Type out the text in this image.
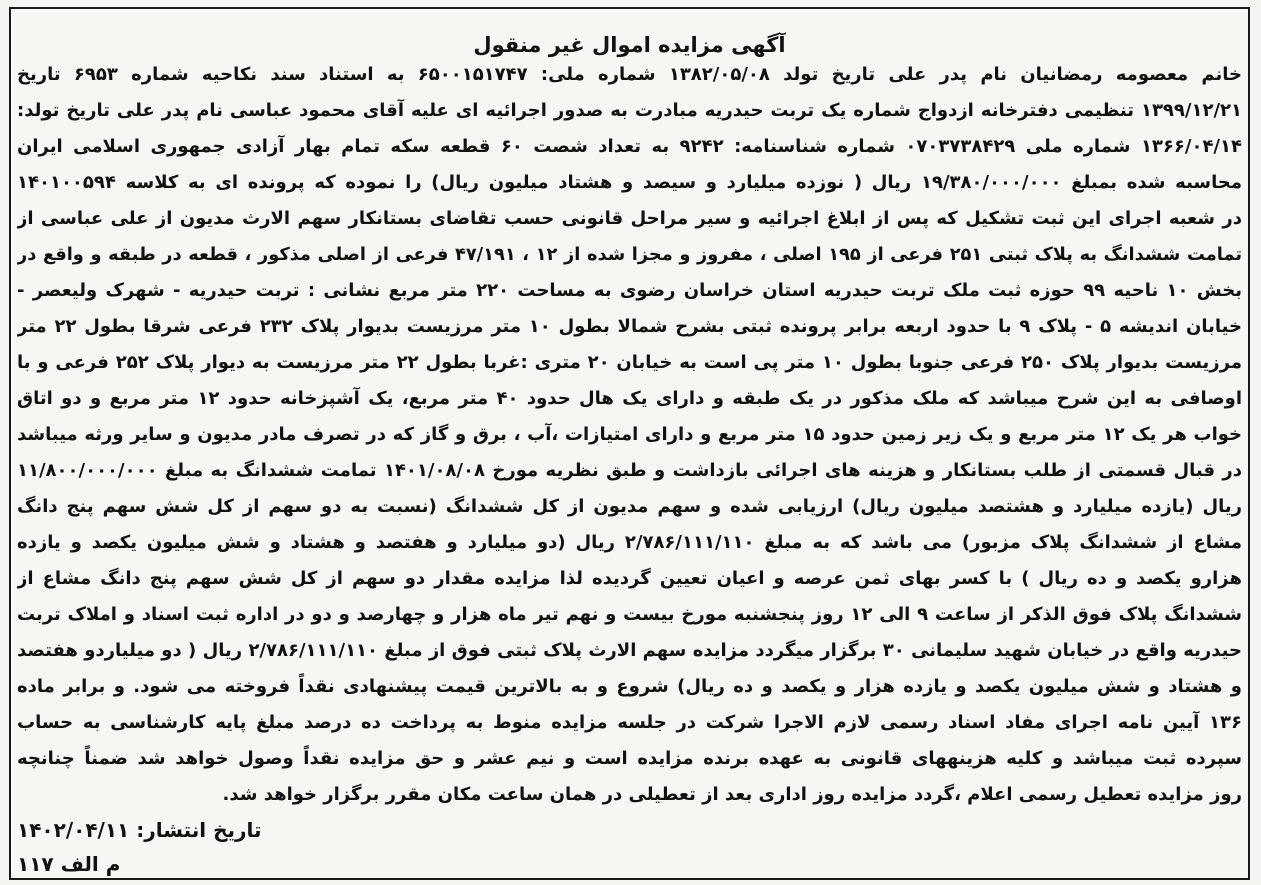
آگهی مزایده اموال غیر منقول
خانم معصومه رمضانیان نام پدر علی تاریخ تولد ۱۳۸۲/۰۵/۰۸ شماره ملی: ۶۵۰۰۱۵۱۷۴۷ به استناد سند نکاحیه شماره ۶۹۵۳ تاریخ
۱۳۹۹/۱۲/۲۱ تنظیمی دفترخانه ازدواج شماره یک تربت حیدریه مبادرت به صدور اجرائیه ای علیه آقای محمود عباسی نام پدر علی تاریخ تولد:
۱۳۶۶/۰۴/۱۴ شماره ملی ۰۷۰۳۷۳۸۴۲۹ شماره شناسنامه: ۹۲۴۲ به تعداد شصت ۶۰ قطعه سکه تمام بهار آزادی جمهوری اسلامی ایران
محاسبه شده بمبلغ ۱۹/۳۸۰/۰۰۰/۰۰۰ ریال ( نوزده میلیارد و سیصد و هشتاد میلیون ریال) را نموده که پرونده ای به کلاسه ۱۴۰۱۰۰۵۹۴
در شعبه اجرای این ثبت تشکیل که پس از ابلاغ اجرائیه و سیر مراحل قانونی حسب تقاضای بستانکار سهم الارث مدیون از علی عباسی از
تمامت ششدانگ به پلاک ثبتی ۲۵۱ فرعی از ۱۹۵ اصلی ، مفروز و مجزا شده از ۱۲ ، ۴۷/۱۹۱ فرعی از اصلی مذکور ، قطعه در طبقه و واقع در
بخش ۱۰ ناحیه ۹۹ حوزه ثبت ملک تربت حیدریه استان خراسان رضوی به مساحت ۲۲۰ متر مربع نشانی : تربت حیدریه - شهرک ولیعصر -
خیابان اندیشه ۵ - پلاک ۹ با حدود اربعه برابر پرونده ثبتی بشرح شمالا بطول ۱۰ متر مرزیست بدیوار پلاک ۲۳۲ فرعی شرقا بطول ۲۲ متر
مرزیست بدیوار پلاک ۲۵۰ فرعی جنوبا بطول ۱۰ متر پی است به خیابان ۲۰ متری :غربا بطول ۲۲ متر مرزیست به دیوار پلاک ۲۵۲ فرعی و با
اوصافی به این شرح میباشد که ملک مذکور در یک طبقه و دارای یک هال حدود ۴۰ متر مربع، یک آشپزخانه حدود ۱۲ متر مربع و دو اتاق
خواب هر یک ۱۲ متر مربع و یک زیر زمین حدود ۱۵ متر مربع و دارای امتیازات ،آب ، برق و گاز که در تصرف مادر مدیون و سایر ورثه میباشد
در قبال قسمتی از طلب بستانکار و هزینه های اجرائی بازداشت و طبق نظریه مورخ ۱۴۰۱/۰۸/۰۸ تمامت ششدانگ به مبلغ ۱۱/۸۰۰/۰۰۰/۰۰۰
ریال (یازده میلیارد و هشتصد میلیون ریال) ارزیابی شده و سهم مدیون از کل ششدانگ (نسبت به دو سهم از کل شش سهم پنج دانگ
مشاع از ششدانگ پلاک مزبور) می باشد که به مبلغ ۲/۷۸۶/۱۱۱/۱۱۰ ریال (دو میلیارد و هفتصد و هشتاد و شش میلیون یکصد و یازده
هزارو یکصد و ده ریال ) با کسر بهای ثمن عرصه و اعیان تعیین گردیده لذا مزایده مقدار دو سهم از کل شش سهم پنج دانگ مشاع از
ششدانگ پلاک فوق الذکر از ساعت ۹ الی ۱۲ روز پنجشنبه مورخ بیست و نهم تیر ماه هزار و چهارصد و دو در اداره ثبت اسناد و املاک تربت
حیدریه واقع در خیابان شهید سلیمانی ۳۰ برگزار میگردد مزایده سهم الارث پلاک ثبتی فوق از مبلغ ۲/۷۸۶/۱۱۱/۱۱۰ ریال ( دو میلیاردو هفتصد
و هشتاد و شش میلیون یکصد و یازده هزار و یکصد و ده ریال) شروع و به بالاترین قیمت پیشنهادی نقداً فروخته می شود. و برابر ماده
۱۳۶ آیین نامه اجرای مفاد اسناد رسمی لازم الاجرا شرکت در جلسه مزایده منوط به پرداخت ده درصد مبلغ پایه کارشناسی به حساب
سپرده ثبت میباشد و کلیه هزینههای قانونی به عهده برنده مزایده است و نیم عشر و حق مزایده نقداً وصول خواهد شد ضمناً چنانچه
روز مزایده تعطیل رسمی اعلام ،گردد مزایده روز اداری بعد از تعطیلی در همان ساعت مکان مقرر برگزار خواهد شد.
تاریخ انتشار: ۱۴۰۲/۰۴/۱۱
م الف ۱۱۷
